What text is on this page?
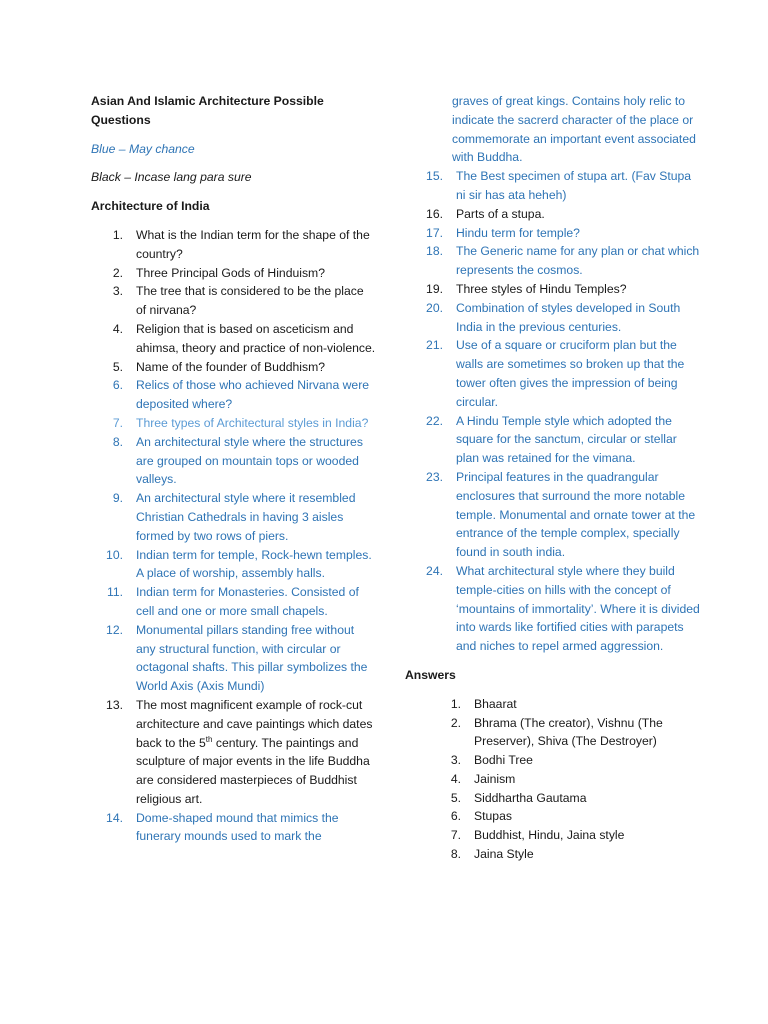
Asian And Islamic Architecture Possible Questions

Blue – May chance

Black – Incase lang para sure

Architecture of India

1. What is the Indian term for the shape of the country?
2. Three Principal Gods of Hinduism?
3. The tree that is considered to be the place of nirvana?
4. Religion that is based on asceticism and ahimsa, theory and practice of non-violence.
5. Name of the founder of Buddhism?
6. Relics of those who achieved Nirvana were deposited where?
7. Three types of Architectural styles in India?
8. An architectural style where the structures are grouped on mountain tops or wooded valleys.
9. An architectural style where it resembled Christian Cathedrals in having 3 aisles formed by two rows of piers.
10. Indian term for temple, Rock-hewn temples. A place of worship, assembly halls.
11. Indian term for Monasteries. Consisted of cell and one or more small chapels.
12. Monumental pillars standing free without any structural function, with circular or octagonal shafts. This pillar symbolizes the World Axis (Axis Mundi)
13. The most magnificent example of rock-cut architecture and cave paintings which dates back to the 5th century. The paintings and sculpture of major events in the life Buddha are considered masterpieces of Buddhist religious art.
14. Dome-shaped mound that mimics the funerary mounds used to mark the

graves of great kings. Contains holy relic to indicate the sacrerd character of the place or commemorate an important event associated with Buddha.

15. The Best specimen of stupa art. (Fav Stupa ni sir has ata heheh)
16. Parts of a stupa.
17. Hindu term for temple?
18. The Generic name for any plan or chat which represents the cosmos.
19. Three styles of Hindu Temples?
20. Combination of styles developed in South India in the previous centuries.
21. Use of a square or cruciform plan but the walls are sometimes so broken up that the tower often gives the impression of being circular.
22. A Hindu Temple style which adopted the square for the sanctum, circular or stellar plan was retained for the vimana.
23. Principal features in the quadrangular enclosures that surround the more notable temple. Monumental and ornate tower at the entrance of the temple complex, specially found in south india.
24. What architectural style where they build temple-cities on hills with the concept of ‘mountains of immortality’. Where it is divided into wards like fortified cities with parapets and niches to repel armed aggression.

Answers

1. Bhaarat
2. Bhrama (The creator), Vishnu (The Preserver), Shiva (The Destroyer)
3. Bodhi Tree
4. Jainism
5. Siddhartha Gautama
6. Stupas
7. Buddhist, Hindu, Jaina style
8. Jaina Style
